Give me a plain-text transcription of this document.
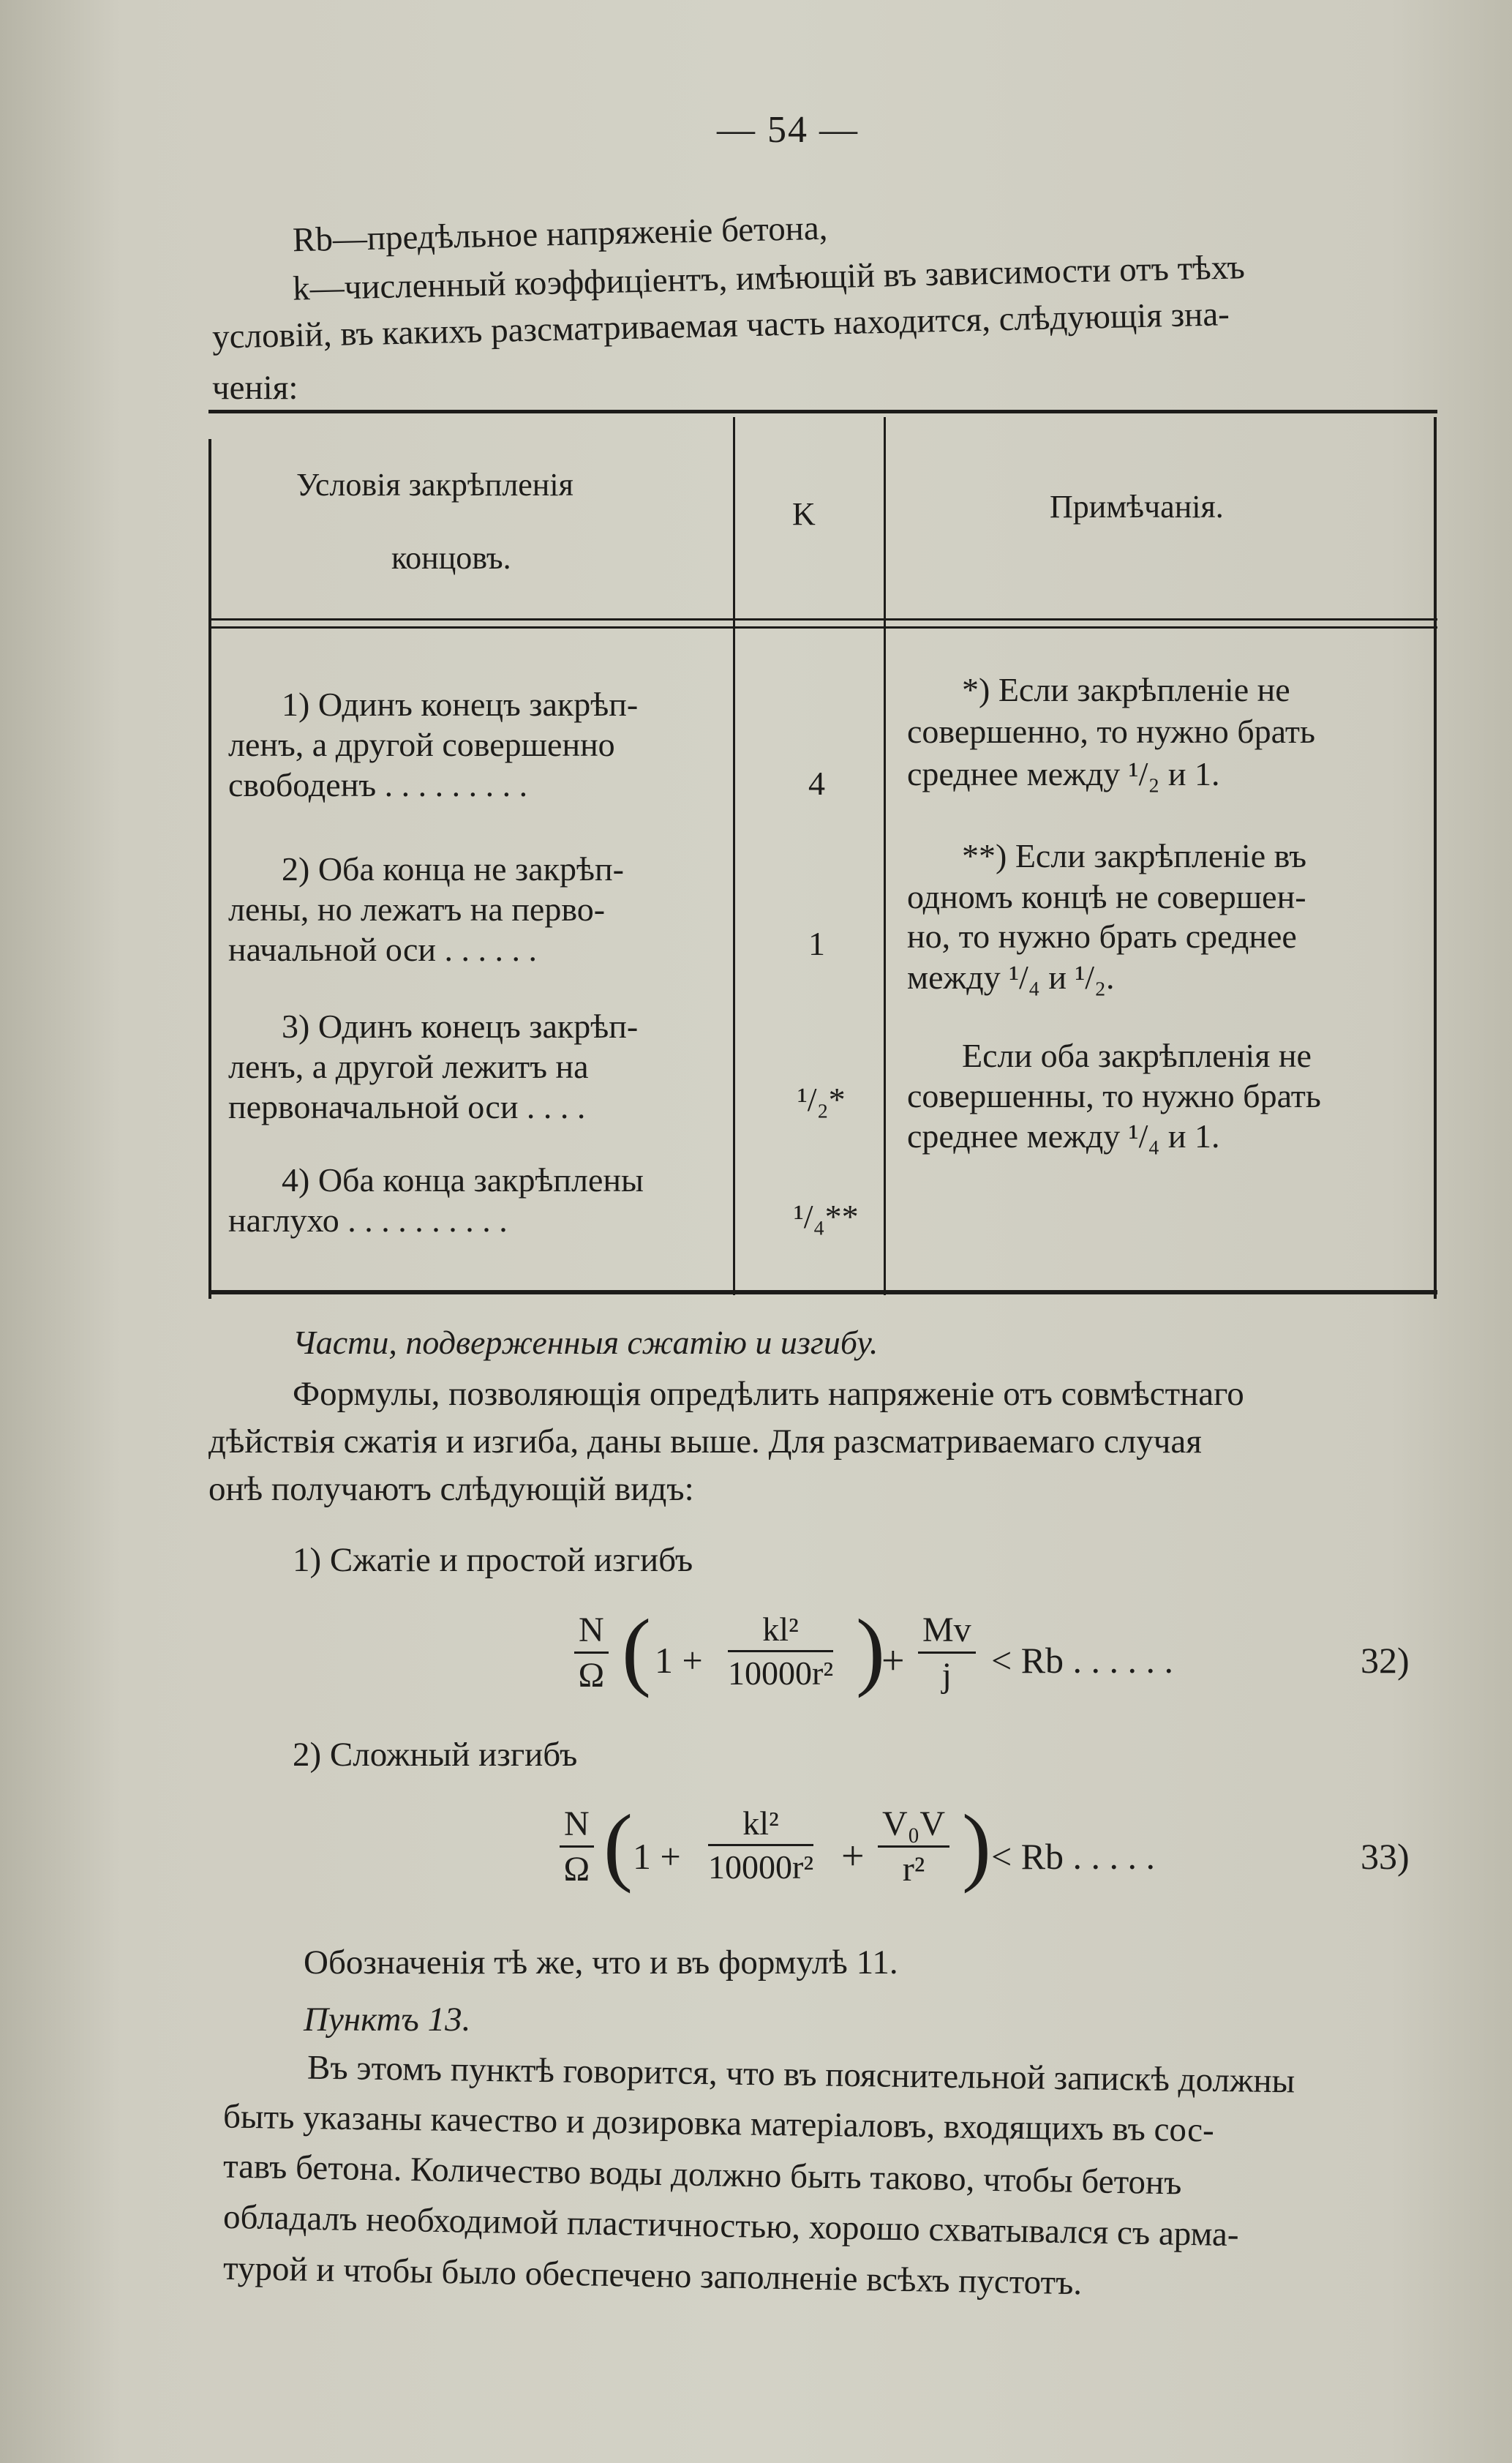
— 54 —
Rb—предѣльное напряженіе бетона,
k—численный коэффиціентъ, имѣющій въ зависимости отъ тѣхъ
условій, въ какихъ разсматриваемая часть находится, слѣдующія зна-
ченія:
Условія закрѣпленія
концовъ.
K	Примѣчанія.
1) Одинъ конецъ закрѣп-
ленъ, а другой совершенно
свободенъ . . . . . . . . .	4
2) Оба конца не закрѣп-
лены, но лежатъ на перво-
начальной оси . . . . . .	1
3) Одинъ конецъ закрѣп-
ленъ, а другой лежитъ на
первоначальной оси . . . .	¹/₂*
4) Оба конца закрѣплены
наглухо . . . . . . . . . .	¹/₄**
*) Если закрѣпленіе не
совершенно, то нужно брать
среднее между ¹/₂ и 1.
**) Если закрѣпленіе въ
одномъ концѣ не совершен-
но, то нужно брать среднее
между ¹/₄ и ¹/₂.
Если оба закрѣпленія не
совершенны, то нужно брать
среднее между ¹/₄ и 1.
Части, подверженныя сжатію и изгибу.
Формулы, позволяющія опредѣлить напряженіе отъ совмѣстнаго
дѣйствія сжатія и изгиба, даны выше. Для разсматриваемаго случая
онѣ получаютъ слѣдующій видъ:
1) Сжатіе и простой изгибъ
$\frac{N}{\Omega}$ ( $1 + \frac{\text{kl²}}{\text{10000r²}}$ )
+ $\frac{Mv}{j} < Rb$ . . . . . .	32)
2) Сложный изгибъ
$\frac{N}{\Omega}$ ( $1 + \frac{\text{kl²}}{\text{10000r²}} + \frac{\text{V₀V}}{\text{r²}}$ ) < Rb . . . . .	33)
Обозначенія тѣ же, что и въ формулѣ 11.
Пунктъ 13.
Въ этомъ пунктѣ говорится, что въ пояснительной запискѣ должны
быть указаны качество и дозировка матеріаловъ, входящихъ въ сос-
тавъ бетона. Количество воды должно быть таково, чтобы бетонъ
обладалъ необходимой пластичностью, хорошо схватывался съ арма-
турой и чтобы было обеспечено заполненіе всѣхъ пустотъ.
